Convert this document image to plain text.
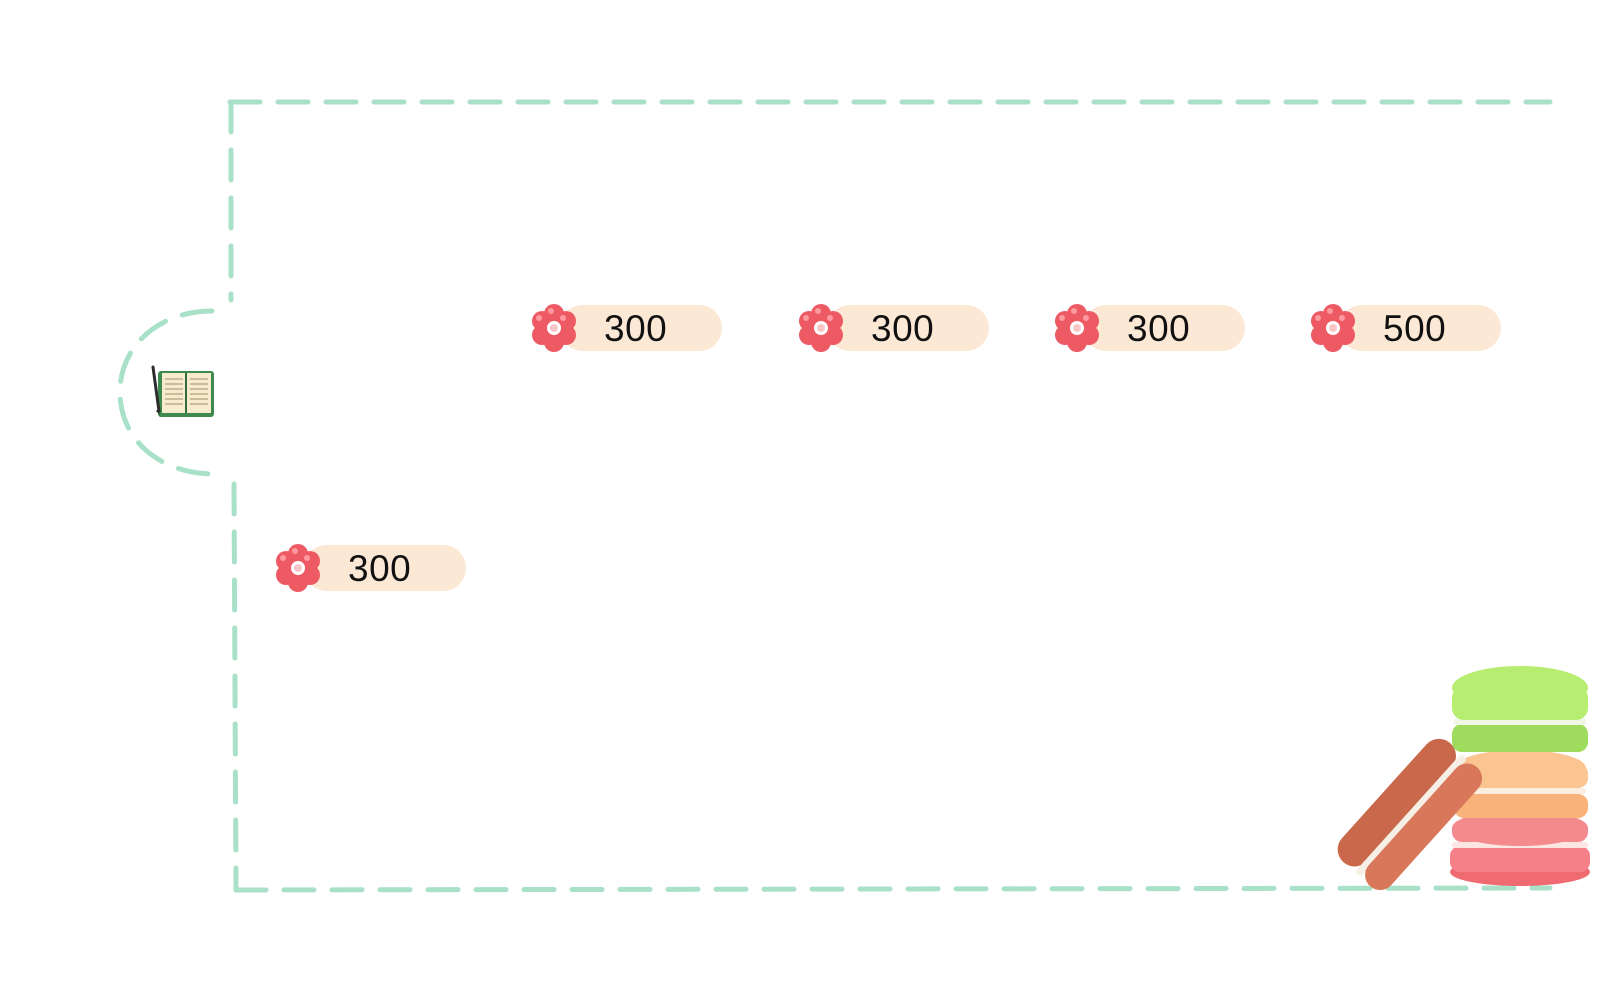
300	300	300	500
300
